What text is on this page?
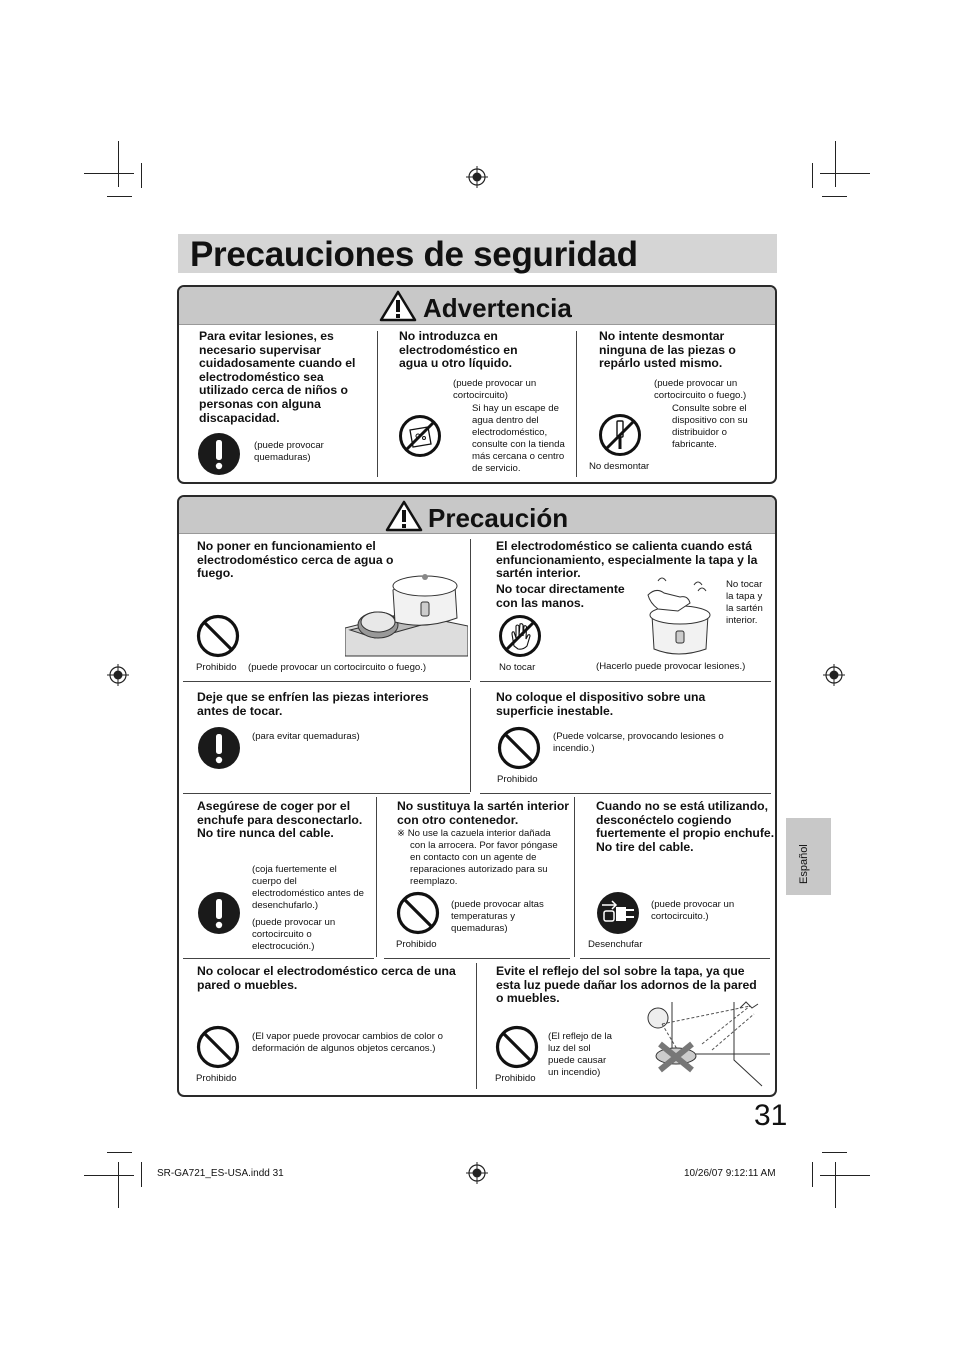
Precauciones de seguridad
Advertencia
Para evitar lesiones, es necesario supervisar cuidadosamente cuando el electrodoméstico sea utilizado cerca de niños o personas con alguna discapacidad.
(puede provocar quemaduras)
No introduzca en electrodoméstico en agua u otro líquido.
(puede provocar un cortocircuito)
Si hay un escape de agua dentro del electrodoméstico, consulte con la tienda más cercana o centro de servicio.
No intente desmontar ninguna de las piezas o repárlo usted mismo.
(puede provocar un cortocircuito o fuego.)
Consulte sobre el dispositivo con su distribuidor o fabricante.
No desmontar
Precaución
No poner en funcionamiento el electrodoméstico cerca de agua o fuego.
Prohibido (puede provocar un cortocircuito o fuego.)
El electrodoméstico se calienta cuando está enfuncionamiento, especialmente la tapa y la sartén interior.
No tocar directamente con las manos.
No tocar la tapa y la sartén interior.
No tocar	(Hacerlo puede provocar lesiones.)
Deje que se enfríen las piezas interiores antes de tocar.
(para evitar quemaduras)
No coloque el dispositivo sobre una superficie inestable.
(Puede volcarse, provocando lesiones o incendio.)
Prohibido
Asegúrese de coger por el enchufe para desconectarlo. No tire nunca del cable.
(coja fuertemente el cuerpo del electrodoméstico antes de desenchufarlo.)
(puede provocar un cortocircuito o electrocución.)
No sustituya la sartén interior con otro contenedor.
※ No use la cazuela interior dañada con la arrocera. Por favor póngase en contacto con un agente de reparaciones autorizado para su reemplazo.
(puede provocar altas temperaturas y quemaduras)
Prohibido
Cuando no se está utilizando, desconéctelo cogiendo fuertemente el propio enchufe. No tire del cable.
(puede provocar un cortocircuito.)
Desenchufar
No colocar el electrodoméstico cerca de una pared o muebles.
(El vapor puede provocar cambios de color o deformación de algunos objetos cercanos.)
Prohibido
Evite el reflejo del sol sobre la tapa, ya que esta luz puede dañar los adornos de la pared o muebles.
(El reflejo de la luz del sol puede causar un incendio)
Prohibido
Español
31
SR-GA721_ES-USA.indd 31	10/26/07 9:12:11 AM
